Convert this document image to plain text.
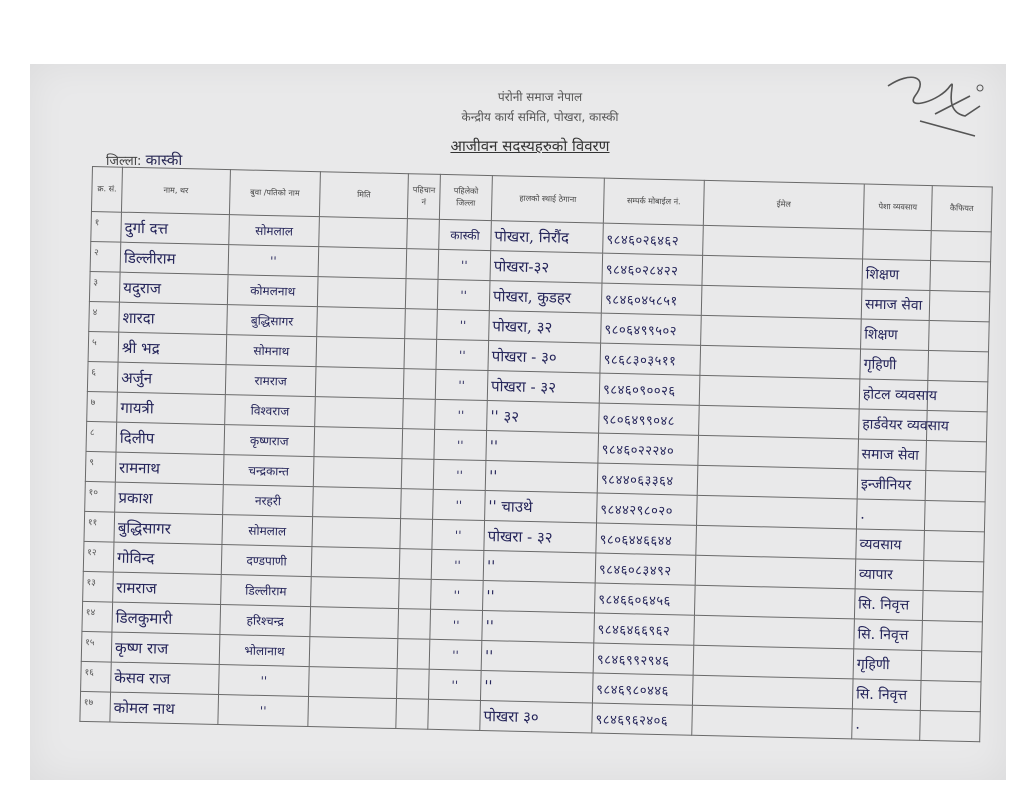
पंरोनी समाज नेपाल
केन्द्रीय कार्य समिति, पोखरा, कास्की
आजीवन सदस्यहरुको विवरण
जिल्ला: कास्की
क्र. सं.	नाम, थर	बुवा /पतिको नाम	मिति	पहिचान नं	पहिलेको जिल्ला	हालको स्थाई ठेगाना	सम्पर्क मोबाईल नं.	ईमेल	पेशा व्यवसाय	कैफियत
१	दुर्गा दत्त	सोमलाल			कास्की	पोखरा, निरौंद	९८४६०२६४६२			
२	डिल्लीराम	''			''	पोखरा-३२	९८४६०२८४२२		शिक्षण	
३	यदुराज	कोमलनाथ			''	पोखरा, कुडहर	९८४६०४५८५१		समाज सेवा	
४	शारदा	बुद्धिसागर			''	पोखरा, ३२	९८०६४९९५०२		शिक्षण	
५	श्री भद्र	सोमनाथ			''	पोखरा - ३०	९८६८३०३५११		गृहिणी	
६	अर्जुन	रामराज			''	पोखरा - ३२	९८४६०९००२६		होटल व्यवसाय	
७	गायत्री	विश्वराज			''	'' ३२	९८०६४९९०४८		हार्डवेयर व्यवसाय	
८	दिलीप	कृष्णराज			''	''	९८४६०२२२४०		समाज सेवा	
९	रामनाथ	चन्द्रकान्त			''	''	९८४४०६३३६४		इन्जीनियर	
१०	प्रकाश	नरहरी			''	'' चाउथे	९८४४२९८०२०		.	
११	बुद्धिसागर	सोमलाल			''	पोखरा - ३२	९८०६४४६६४४		व्यवसाय	
१२	गोविन्द	दण्डपाणी			''	''	९८४६०८३४९२		व्यापार	
१३	रामराज	डिल्लीराम			''	''	९८४६६०६४५६		सि. निवृत्त	
१४	डिलकुमारी	हरिश्चन्द्र			''	''	९८४६४६६९६२		सि. निवृत्त	
१५	कृष्ण राज	भोलानाथ			''	''	९८४६९९२९४६		गृहिणी	
१६	केसव राज	''			''	''	९८४६९८०४४६		सि. निवृत्त	
१७	कोमल नाथ	''				पोखरा ३०	९८४६९६२४०६		.	
